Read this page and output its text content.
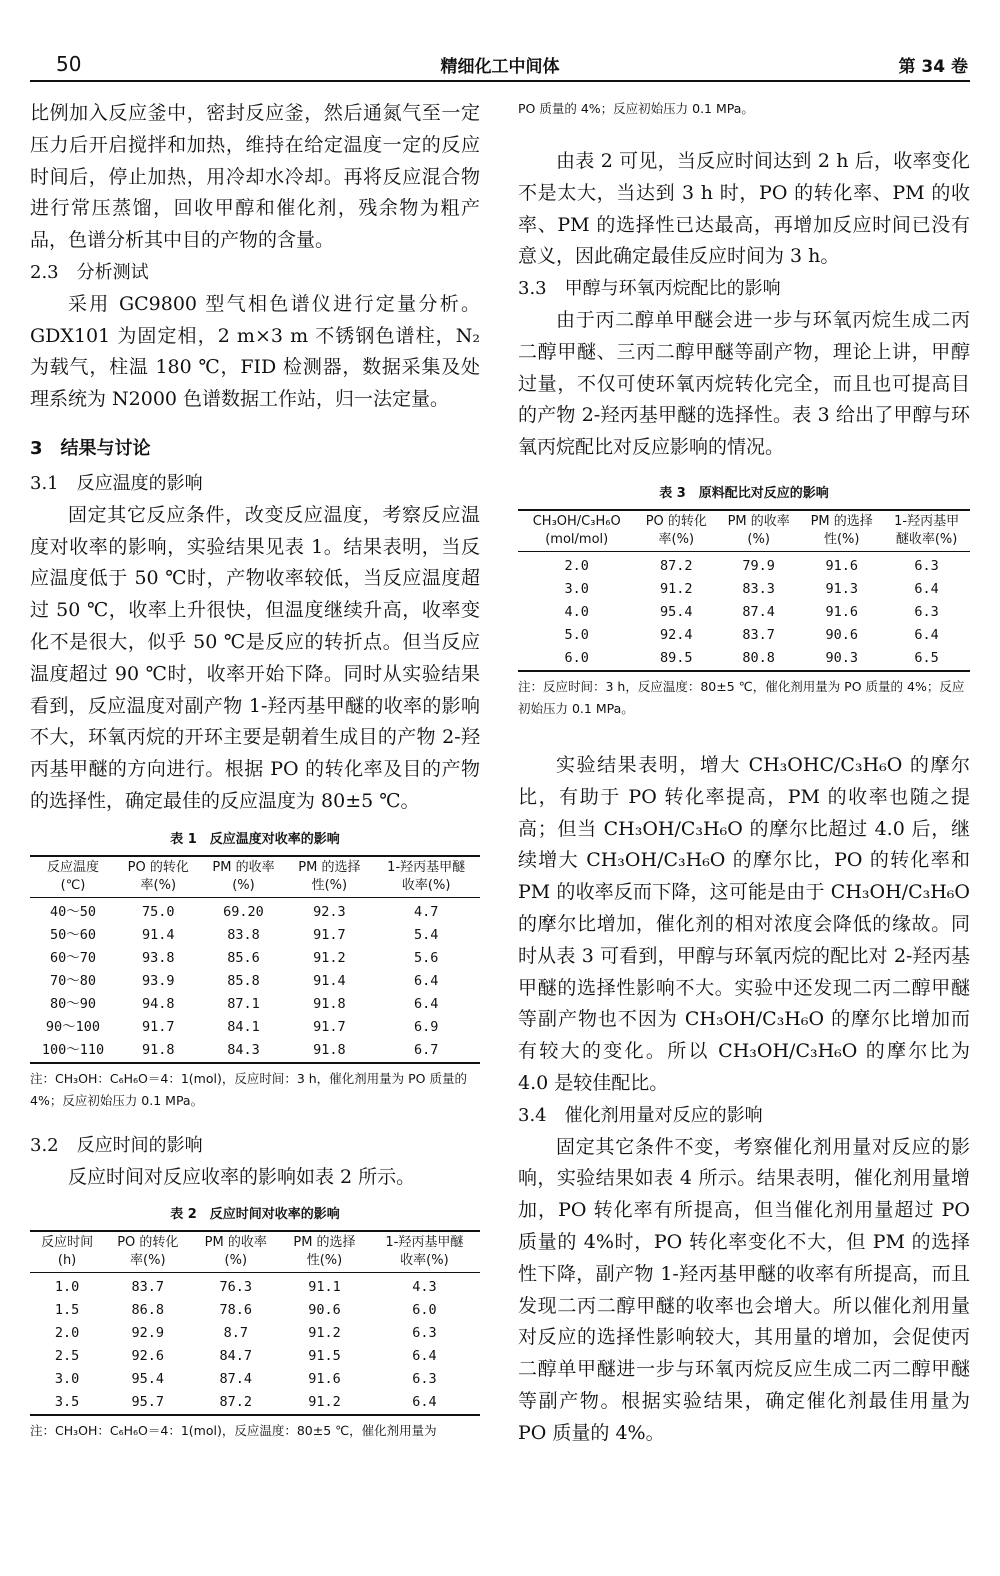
50	精细化工中间体	第 34 卷

比例加入反应釜中，密封反应釜，然后通氮气至一定压力后开启搅拌和加热，维持在给定温度一定的反应时间后，停止加热，用冷却水冷却。再将反应混合物进行常压蒸馏，回收甲醇和催化剂，残余物为粗产品，色谱分析其中目的产物的含量。

2.3　分析测试

采用 GC9800 型气相色谱仪进行定量分析。GDX101 为固定相，2 m×3 m 不锈钢色谱柱，N₂ 为载气，柱温 180 ℃，FID 检测器，数据采集及处理系统为 N2000 色谱数据工作站，归一法定量。

3　结果与讨论
3.1　反应温度的影响

固定其它反应条件，改变反应温度，考察反应温度对收率的影响，实验结果见表 1。结果表明，当反应温度低于 50 ℃时，产物收率较低，当反应温度超过 50 ℃，收率上升很快，但温度继续升高，收率变化不是很大，似乎 50 ℃是反应的转折点。但当反应温度超过 90 ℃时，收率开始下降。同时从实验结果看到，反应温度对副产物 1-羟丙基甲醚的收率的影响不大，环氧丙烷的开环主要是朝着生成目的产物 2-羟丙基甲醚的方向进行。根据 PO 的转化率及目的产物的选择性，确定最佳的反应温度为 80±5 ℃。

表 1　反应温度对收率的影响
反应温度	PO 的转化	PM 的收率	PM 的选择	1-羟丙基甲醚
(℃)	率(%)	(%)	性(%)	收率(%)
40～50	75.0	69.20	92.3	4.7
50～60	91.4	83.8	91.7	5.4
60～70	93.8	85.6	91.2	5.6
70～80	93.9	85.8	91.4	6.4
80～90	94.8	87.1	91.8	6.4
90～100	91.7	84.1	91.7	6.9
100～110	91.8	84.3	91.8	6.7
注：CH₃OH：C₆H₆O＝4：1(mol)，反应时间：3 h，催化剂用量为 PO 质量的 4%；反应初始压力 0.1 MPa。
3.2　反应时间的影响

反应时间对反应收率的影响如表 2 所示。

表 2　反应时间对收率的影响
反应时间	PO 的转化	PM 的收率	PM 的选择	1-羟丙基甲醚
(h)	率(%)	(%)	性(%)	收率(%)
1.0	83.7	76.3	91.1	4.3
1.5	86.8	78.6	90.6	6.0
2.0	92.9	8.7	91.2	6.3
2.5	92.6	84.7	91.5	6.4
3.0	95.4	87.4	91.6	6.3
3.5	95.7	87.2	91.2	6.4
注：CH₃OH：C₆H₆O＝4：1(mol)，反应温度：80±5 ℃，催化剂用量为
PO 质量的 4%；反应初始压力 0.1 MPa。

由表 2 可见，当反应时间达到 2 h 后，收率变化不是太大，当达到 3 h 时，PO 的转化率、PM 的收率、PM 的选择性已达最高，再增加反应时间已没有意义，因此确定最佳反应时间为 3 h。

3.3　甲醇与环氧丙烷配比的影响

由于丙二醇单甲醚会进一步与环氧丙烷生成二丙二醇甲醚、三丙二醇甲醚等副产物，理论上讲，甲醇过量，不仅可使环氧丙烷转化完全，而且也可提高目的产物 2-羟丙基甲醚的选择性。表 3 给出了甲醇与环氧丙烷配比对反应影响的情况。

表 3　原料配比对反应的影响
CH₃OH/C₃H₆O	PO 的转化	PM 的收率	PM 的选择	1-羟丙基甲
(mol/mol)	率(%)	(%)	性(%)	醚收率(%)
2.0	87.2	79.9	91.6	6.3
3.0	91.2	83.3	91.3	6.4
4.0	95.4	87.4	91.6	6.3
5.0	92.4	83.7	90.6	6.4
6.0	89.5	80.8	90.3	6.5
注：反应时间：3 h，反应温度：80±5 ℃，催化剂用量为 PO 质量的 4%；反应初始压力 0.1 MPa。

实验结果表明，增大 CH₃OHC/C₃H₆O 的摩尔比，有助于 PO 转化率提高，PM 的收率也随之提高；但当 CH₃OH/C₃H₆O 的摩尔比超过 4.0 后，继续增大 CH₃OH/C₃H₆O 的摩尔比，PO 的转化率和 PM 的收率反而下降，这可能是由于 CH₃OH/C₃H₆O 的摩尔比增加，催化剂的相对浓度会降低的缘故。同时从表 3 可看到，甲醇与环氧丙烷的配比对 2-羟丙基甲醚的选择性影响不大。实验中还发现二丙二醇甲醚等副产物也不因为 CH₃OH/C₃H₆O 的摩尔比增加而有较大的变化。所以 CH₃OH/C₃H₆O 的摩尔比为 4.0 是较佳配比。

3.4　催化剂用量对反应的影响

固定其它条件不变，考察催化剂用量对反应的影响，实验结果如表 4 所示。结果表明，催化剂用量增加，PO 转化率有所提高，但当催化剂用量超过 PO 质量的 4%时，PO 转化率变化不大，但 PM 的选择性下降，副产物 1-羟丙基甲醚的收率有所提高，而且发现二丙二醇甲醚的收率也会增大。所以催化剂用量对反应的选择性影响较大，其用量的增加，会促使丙二醇单甲醚进一步与环氧丙烷反应生成二丙二醇甲醚等副产物。根据实验结果，确定催化剂最佳用量为 PO 质量的 4%。
